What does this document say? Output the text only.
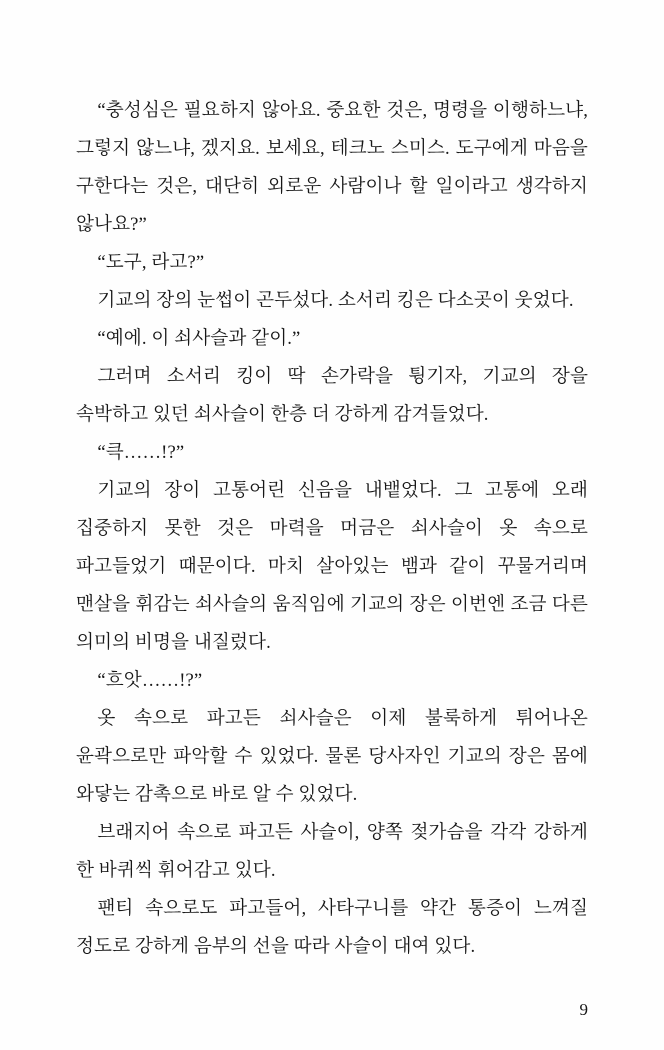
“충성심은 필요하지 않아요. 중요한 것은, 명령을 이행하느냐, 그렇지 않느냐, 겠지요. 보세요, 테크노 스미스. 도구에게 마음을 구한다는 것은, 대단히 외로운 사람이나 할 일이라고 생각하지 않나요?”

“도구, 라고?”

기교의 장의 눈썹이 곤두섰다. 소서리 킹은 다소곳이 웃었다.

“예에. 이 쇠사슬과 같이.”

그러며 소서리 킹이 딱 손가락을 튕기자, 기교의 장을 속박하고 있던 쇠사슬이 한층 더 강하게 감겨들었다.

“큭……!?”

기교의 장이 고통어린 신음을 내뱉었다. 그 고통에 오래 집중하지 못한 것은 마력을 머금은 쇠사슬이 옷 속으로 파고들었기 때문이다. 마치 살아있는 뱀과 같이 꾸물거리며 맨살을 휘감는 쇠사슬의 움직임에 기교의 장은 이번엔 조금 다른 의미의 비명을 내질렀다.

“흐앗……!?”

옷 속으로 파고든 쇠사슬은 이제 불룩하게 튀어나온 윤곽으로만 파악할 수 있었다. 물론 당사자인 기교의 장은 몸에 와닿는 감촉으로 바로 알 수 있었다.

브래지어 속으로 파고든 사슬이, 양쪽 젖가슴을 각각 강하게 한 바퀴씩 휘어감고 있다.

팬티 속으로도 파고들어, 사타구니를 약간 통증이 느껴질 정도로 강하게 음부의 선을 따라 사슬이 대여 있다.

9
